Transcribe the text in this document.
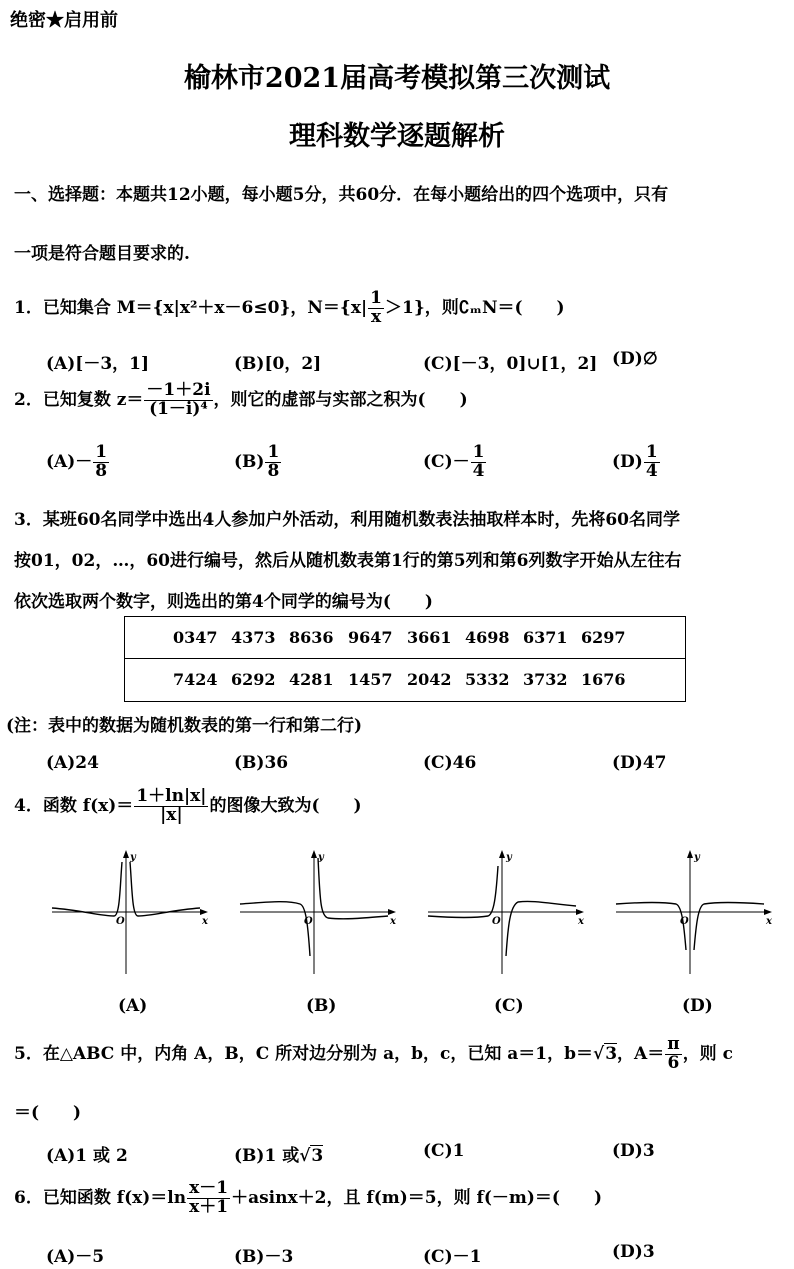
绝密★启用前
榆林市2021届高考模拟第三次测试
理科数学逐题解析
一、选择题：本题共12小题，每小题5分，共60分．在每小题给出的四个选项中，只有
一项是符合题目要求的.
1．已知集合 M＝{x|x²＋x－6≤0}，$N=\{x| \frac{1}{x} >1\}$，则∁ₘN＝(　　)
(A)[－3，1]	(B)[0，2]	(C)[－3，0]∪[1，2] (D)∅
2．已知复数 $z= \frac{-1+2i}{\text{(1－i)⁴}}$ ，则它的虚部与实部之积为(　　)
$(A)- \frac{1}{8}$	$(B) \frac{1}{8}$	$(C)- \frac{1}{4}$	$(D) \frac{1}{4}$
3．某班60名同学中选出4人参加户外活动，利用随机数表法抽取样本时，先将60名同学
按01，02，…，60进行编号，然后从随机数表第1行的第5列和第6列数字开始从左往右
依次选取两个数字，则选出的第4个同学的编号为(　　)
0347 4373 8636 9647 3661 4698 6371 6297
7424 6292 4281 1457 2042 5332 3732 1676
(注：表中的数据为随机数表的第一行和第二行)
(A)24	(B)36	(C)46	(D)47
4．函数 $f(x)= \frac{1+\ln|x|}{|x|}$ 的图像大致为(　　)
y
x
O
y
x
O
y
x
O
y
x
O
(A)	(B)	(C)	(D)
5．在△ABC 中，内角 A，B，C 所对边分别为 a，b，c，已知 a＝1，b＝√3，$A= \frac{\pi}{6}$ ，则 c
＝(　　)
(A)1 或 2	(B)1 或√3	(C)1	(D)3
6．已知函数 $f(x)=\ln \frac{x-1}{x+1} +asinx+2$，且 f(m)＝5，则 f(－m)＝(　　)
(A)－5	(B)－3	(C)－1	(D)3
